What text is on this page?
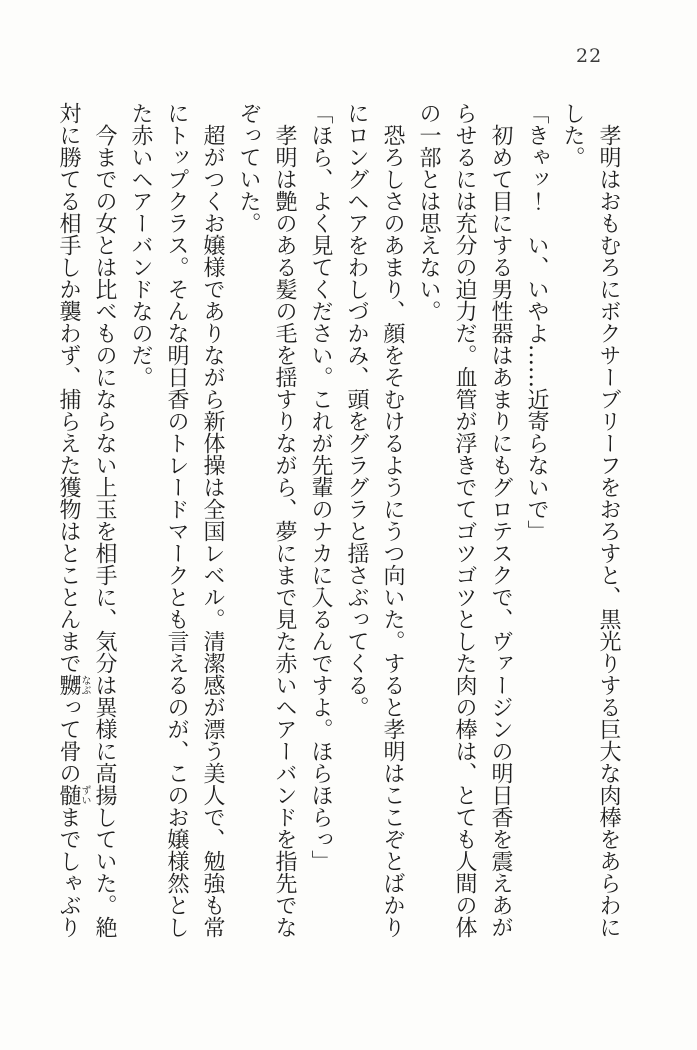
22

孝明はおもむろにボクサーブリーフをおろすと、黒光りする巨大な肉棒をあらわにした。

「きゃッ！　い、いやよ……近寄らないで」

初めて目にする男性器はあまりにもグロテスクで、ヴァージンの明日香を震えあがらせるには充分の迫力だ。血管が浮きでてゴツゴツとした肉の棒は、とても人間の体の一部とは思えない。

恐ろしさのあまり、顔をそむけるようにうつ向いた。すると孝明はここぞとばかりにロングヘアをわしづかみ、頭をグラグラと揺さぶってくる。

「ほら、よく見てください。これが先輩のナカに入るんですよ。ほらほらっ」

孝明は艶のある髪の毛を揺すりながら、夢にまで見た赤いヘアーバンドを指先でなぞっていた。

超がつくお嬢様でありながら新体操は全国レベル。清潔感が漂う美人で、勉強も常にトップクラス。そんな明日香のトレードマークとも言えるのが、このお嬢様然とした赤いヘアーバンドなのだ。

今までの女とは比べものにならない上玉を相手に、気分は異様に高揚していた。絶対に勝てる相手しか襲わず、捕らえた獲物はとことんまで嬲なぶって骨の髄ずいまでしゃぶり
